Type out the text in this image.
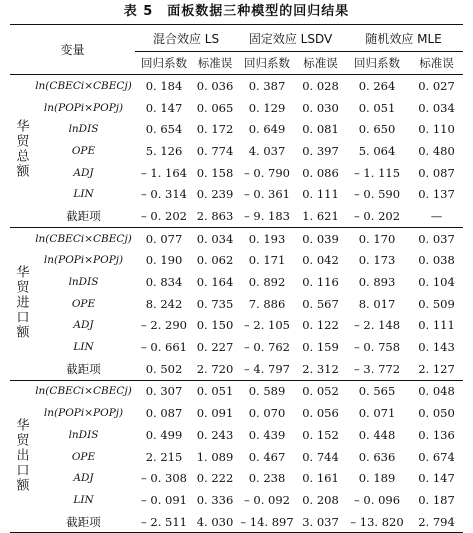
表 5　面板数据三种模型的回归结果
变量		混合效应 LS		固定效应 LSDV		随机效应 MLE	
		回归系数	标准误	回归系数	标准误	回归系数	标准误
华贸总额	ln(CBECi×CBECj)	0. 184	0. 036	0. 387	0. 028	0. 264	0. 027
	ln(POPi×POPj)	0. 147	0. 065	0. 129	0. 030	0. 051	0. 034
	lnDIS	0. 654	0. 172	0. 649	0. 081	0. 650	0. 110
	OPE	5. 126	0. 774	4. 037	0. 397	5. 064	0. 480
	ADJ	– 1. 164	0. 158	– 0. 790	0. 086	– 1. 115	0. 087
	LIN	– 0. 314	0. 239	– 0. 361	0. 111	– 0. 590	0. 137
	截距项	– 0. 202	2. 863	– 9. 183	1. 621	– 0. 202	—
华贸进口额	ln(CBECi×CBECj)	0. 077	0. 034	0. 193	0. 039	0. 170	0. 037
	ln(POPi×POPj)	0. 190	0. 062	0. 171	0. 042	0. 173	0. 038
	lnDIS	0. 834	0. 164	0. 892	0. 116	0. 893	0. 104
	OPE	8. 242	0. 735	7. 886	0. 567	8. 017	0. 509
	ADJ	– 2. 290	0. 150	– 2. 105	0. 122	– 2. 148	0. 111
	LIN	– 0. 661	0. 227	– 0. 762	0. 159	– 0. 758	0. 143
	截距项	0. 502	2. 720	– 4. 797	2. 312	– 3. 772	2. 127
华贸出口额	ln(CBECi×CBECj)	0. 307	0. 051	0. 589	0. 052	0. 565	0. 048
	ln(POPi×POPj)	0. 087	0. 091	0. 070	0. 056	0. 071	0. 050
	lnDIS	0. 499	0. 243	0. 439	0. 152	0. 448	0. 136
	OPE	2. 215	1. 089	0. 467	0. 744	0. 636	0. 674
	ADJ	– 0. 308	0. 222	0. 238	0. 161	0. 189	0. 147
	LIN	– 0. 091	0. 336	– 0. 092	0. 208	– 0. 096	0. 187
	截距项	– 2. 511	4. 030	– 14. 897	3. 037	– 13. 820	2. 794
